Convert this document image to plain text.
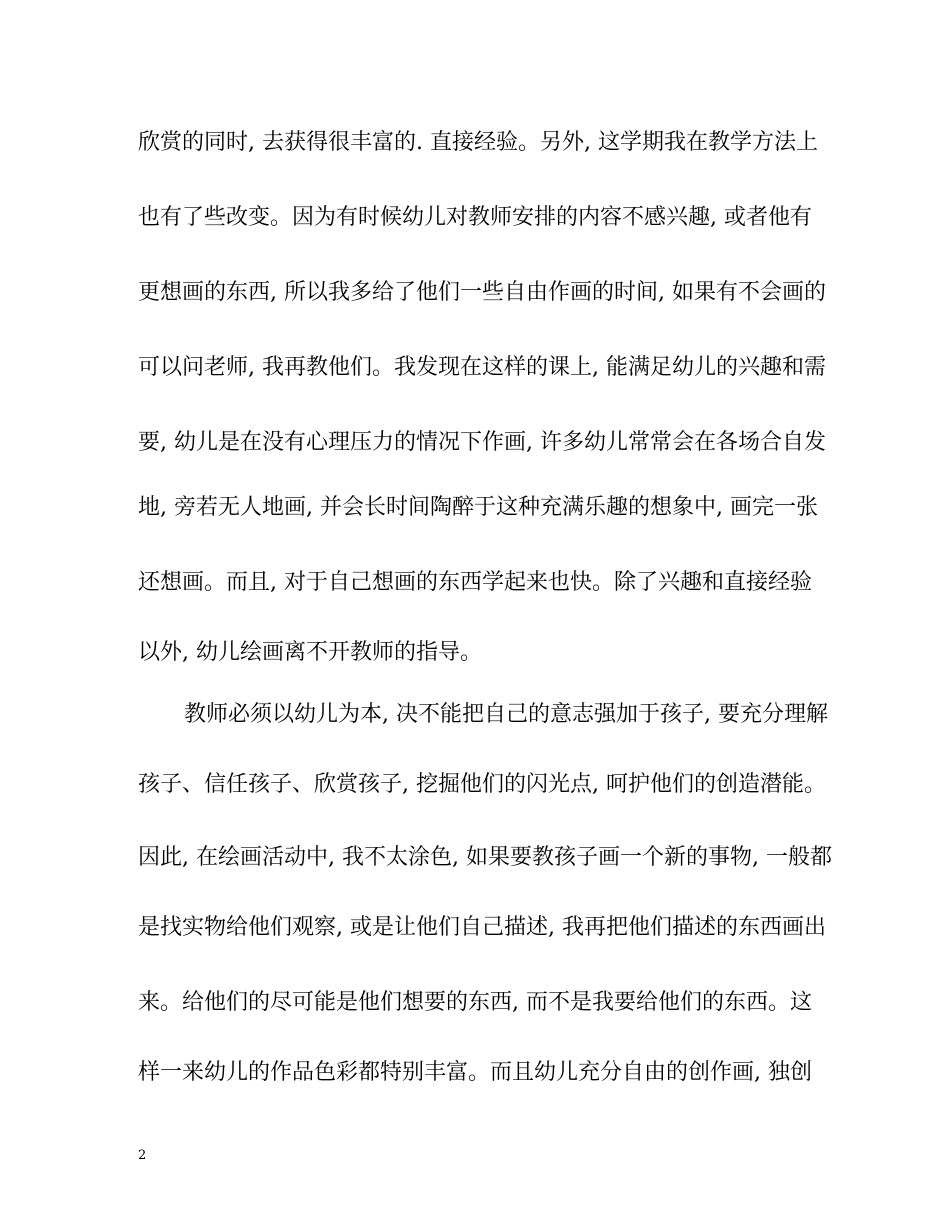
欣赏的同时, 去获得很丰富的. 直接经验。另外, 这学期我在教学方法上
也有了些改变。因为有时候幼儿对教师安排的内容不感兴趣, 或者他有
更想画的东西, 所以我多给了他们一些自由作画的时间, 如果有不会画的
可以问老师, 我再教他们。我发现在这样的课上, 能满足幼儿的兴趣和需
要, 幼儿是在没有心理压力的情况下作画, 许多幼儿常常会在各场合自发
地, 旁若无人地画, 并会长时间陶醉于这种充满乐趣的想象中, 画完一张
还想画。而且, 对于自己想画的东西学起来也快。除了兴趣和直接经验
以外, 幼儿绘画离不开教师的指导。
教师必须以幼儿为本, 决不能把自己的意志强加于孩子, 要充分理解
孩子、信任孩子、欣赏孩子, 挖掘他们的闪光点, 呵护他们的创造潜能。
因此, 在绘画活动中, 我不太涂色, 如果要教孩子画一个新的事物, 一般都
是找实物给他们观察, 或是让他们自己描述, 我再把他们描述的东西画出
来。给他们的尽可能是他们想要的东西, 而不是我要给他们的东西。这
样一来幼儿的作品色彩都特别丰富。而且幼儿充分自由的创作画, 独创
2
